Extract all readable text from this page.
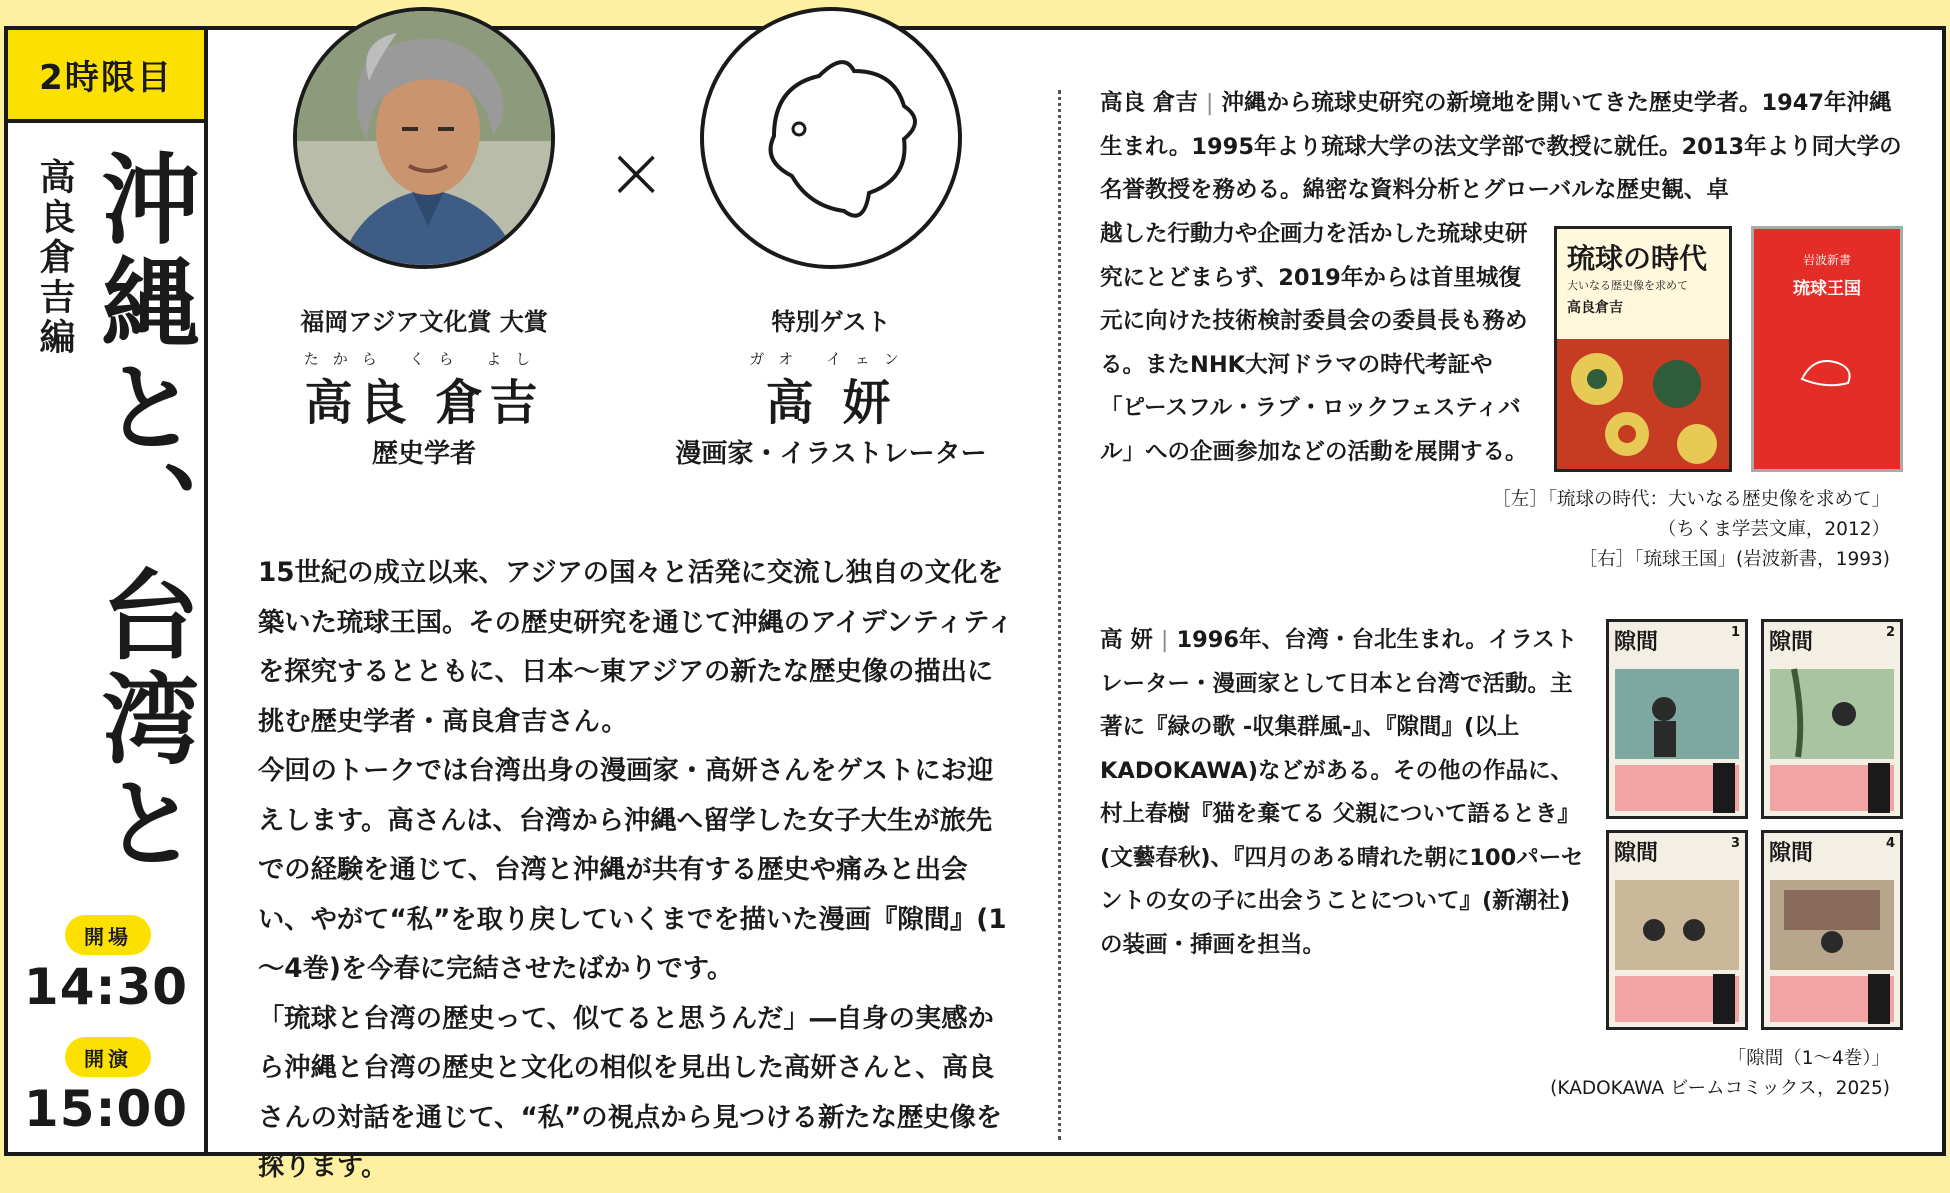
2時限目
沖縄と、台湾と
高良倉吉編
開場
14:30
開演
15:00
×
福岡アジア文化賞 大賞
たから くら よし
高良 倉吉
歴史学者
特別ゲスト
ガオ イェン
高 妍
漫画家・イラストレーター

15世紀の成立以来、アジアの国々と活発に交流し独自の文化を築いた琉球王国。その歴史研究を通じて沖縄のアイデンティティを探究するとともに、日本～東アジアの新たな歴史像の描出に挑む歴史学者・高良倉吉さん。

今回のトークでは台湾出身の漫画家・高妍さんをゲストにお迎えします。高さんは、台湾から沖縄へ留学した女子大生が旅先での経験を通じて、台湾と沖縄が共有する歴史や痛みと出会い、やがて“私”を取り戻していくまでを描いた漫画『隙間』(1～4巻)を今春に完結させたばかりです。

「琉球と台湾の歴史って、似てると思うんだ」―自身の実感から沖縄と台湾の歴史と文化の相似を見出した高妍さんと、高良さんの対話を通じて、“私”の視点から見つける新たな歴史像を探ります。

高良 倉吉 | 沖縄から琉球史研究の新境地を開いてきた歴史学者。1947年沖縄生まれ。1995年より琉球大学の法文学部で教授に就任。2013年より同大学の名誉教授を務める。綿密な資料分析とグローバルな歴史観、卓
越した行動力や企画力を活かした琉球史研究にとどまらず、2019年からは首里城復元に向けた技術検討委員会の委員長も務める。またNHK大河ドラマの時代考証や「ピースフル・ラブ・ロックフェスティバル」への企画参加などの活動を展開する。
琉球の時代
大いなる歴史像を求めて
高良倉吉
岩波新書
琉球王国
［左］「琉球の時代：大いなる歴史像を求めて」
（ちくま学芸文庫，2012）
［右］「琉球王国」(岩波新書，1993)
高 妍 | 1996年、台湾・台北生まれ。イラストレーター・漫画家として日本と台湾で活動。主著に『緑の歌 -収集群風-』、『隙間』(以上KADOKAWA)などがある。その他の作品に、村上春樹『猫を棄てる 父親について語るとき』(文藝春秋)、『四月のある晴れた朝に100パーセントの女の子に出会うことについて』(新潮社)の装画・挿画を担当。
隙間	1 隙間	2
隙間	3 隙間	4
「隙間（1～4巻）」
(KADOKAWA ビームコミックス，2025)
